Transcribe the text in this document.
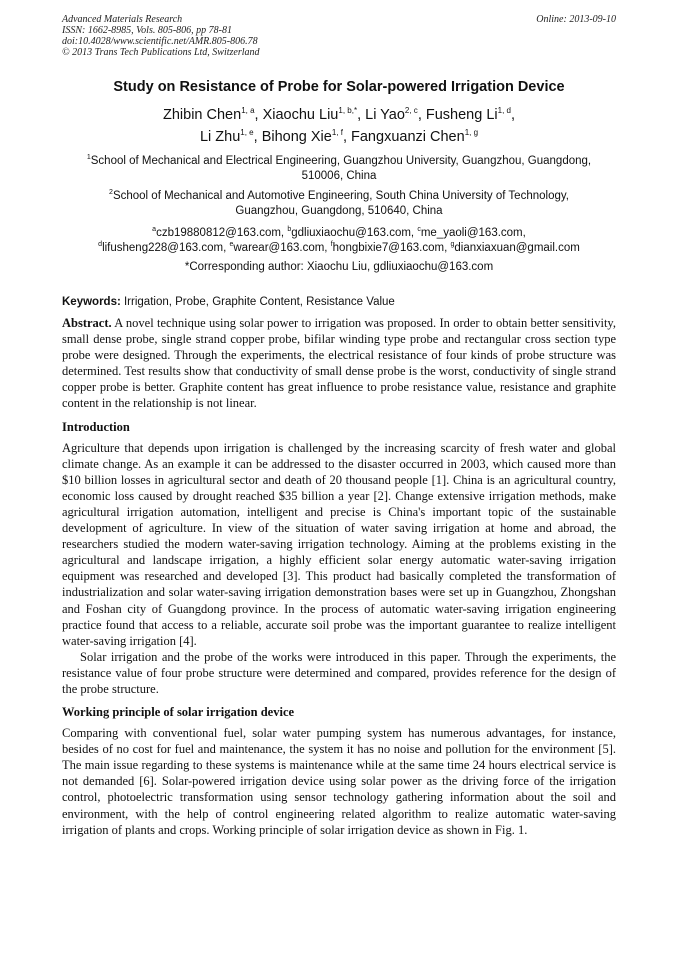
Advanced Materials Research
ISSN: 1662-8985, Vols. 805-806, pp 78-81
doi:10.4028/www.scientific.net/AMR.805-806.78
© 2013 Trans Tech Publications Ltd, Switzerland
Online: 2013-09-10
Study on Resistance of Probe for Solar-powered Irrigation Device
Zhibin Chen$^{1, a}$, Xiaochu Liu$^{1, b,*}$, Li Yao$^{2, c}$, Fusheng Li$^{1, d}$,
Li Zhu$^{1, e}$, Bihong Xie$^{1, f}$, Fangxuanzi Chen$^{1, g}$
$^1$School of Mechanical and Electrical Engineering, Guangzhou University, Guangzhou, Guangdong,
510006, China
$^2$School of Mechanical and Automotive Engineering, South China University of Technology,
Guangzhou, Guangdong, 510640, China
$^a$czb19880812@163.com, $^b$gdliuxiaochu@163.com, $^c$me_yaoli@163.com,
$^d$lifusheng228@163.com, $^e$warear@163.com, $^f$hongbixie7@163.com, $^g$dianxiaxuan@gmail.com
*Corresponding author: Xiaochu Liu, gdliuxiaochu@163.com
Keywords: Irrigation, Probe, Graphite Content, Resistance Value
Abstract. A novel technique using solar power to irrigation was proposed. In order to obtain better sensitivity, small dense probe, single strand copper probe, bifilar winding type probe and rectangular cross section type probe were designed. Through the experiments, the electrical resistance of four kinds of probe structure was determined. Test results show that conductivity of small dense probe is the worst, conductivity of single strand copper probe is better. Graphite content has great influence to probe resistance value, resistance and graphite content in the relationship is not linear.
Introduction
Agriculture that depends upon irrigation is challenged by the increasing scarcity of fresh water and global climate change. As an example it can be addressed to the disaster occurred in 2003, which caused more than $10 billion losses in agricultural sector and death of 20 thousand people [1]. China is an agricultural country, economic loss caused by drought reached $35 billion a year [2]. Change extensive irrigation methods, make agricultural irrigation automation, intelligent and precise is China's important topic of the sustainable development of agriculture. In view of the situation of water saving irrigation at home and abroad, the researchers studied the modern water-saving irrigation technology. Aiming at the problems existing in the agricultural and landscape irrigation, a highly efficient solar energy automatic water-saving irrigation equipment was researched and developed [3]. This product had basically completed the transformation of industrialization and solar water-saving irrigation demonstration bases were set up in Guangzhou, Zhongshan and Foshan city of Guangdong province. In the process of automatic water-saving irrigation engineering practice found that access to a reliable, accurate soil probe was the important guarantee to realize intelligent water-saving irrigation [4].
Solar irrigation and the probe of the works were introduced in this paper. Through the experiments, the resistance value of four probe structure were determined and compared, provides reference for the design of the probe structure.
Working principle of solar irrigation device
Comparing with conventional fuel, solar water pumping system has numerous advantages, for instance, besides of no cost for fuel and maintenance, the system it has no noise and pollution for the environment [5]. The main issue regarding to these systems is maintenance while at the same time 24 hours electrical service is not demanded [6]. Solar-powered irrigation device using solar power as the driving force of the irrigation control, photoelectric transformation using sensor technology gathering information about the soil and environment, with the help of control engineering related algorithm to realize automatic water-saving irrigation of plants and crops. Working principle of solar irrigation device as shown in Fig. 1.
